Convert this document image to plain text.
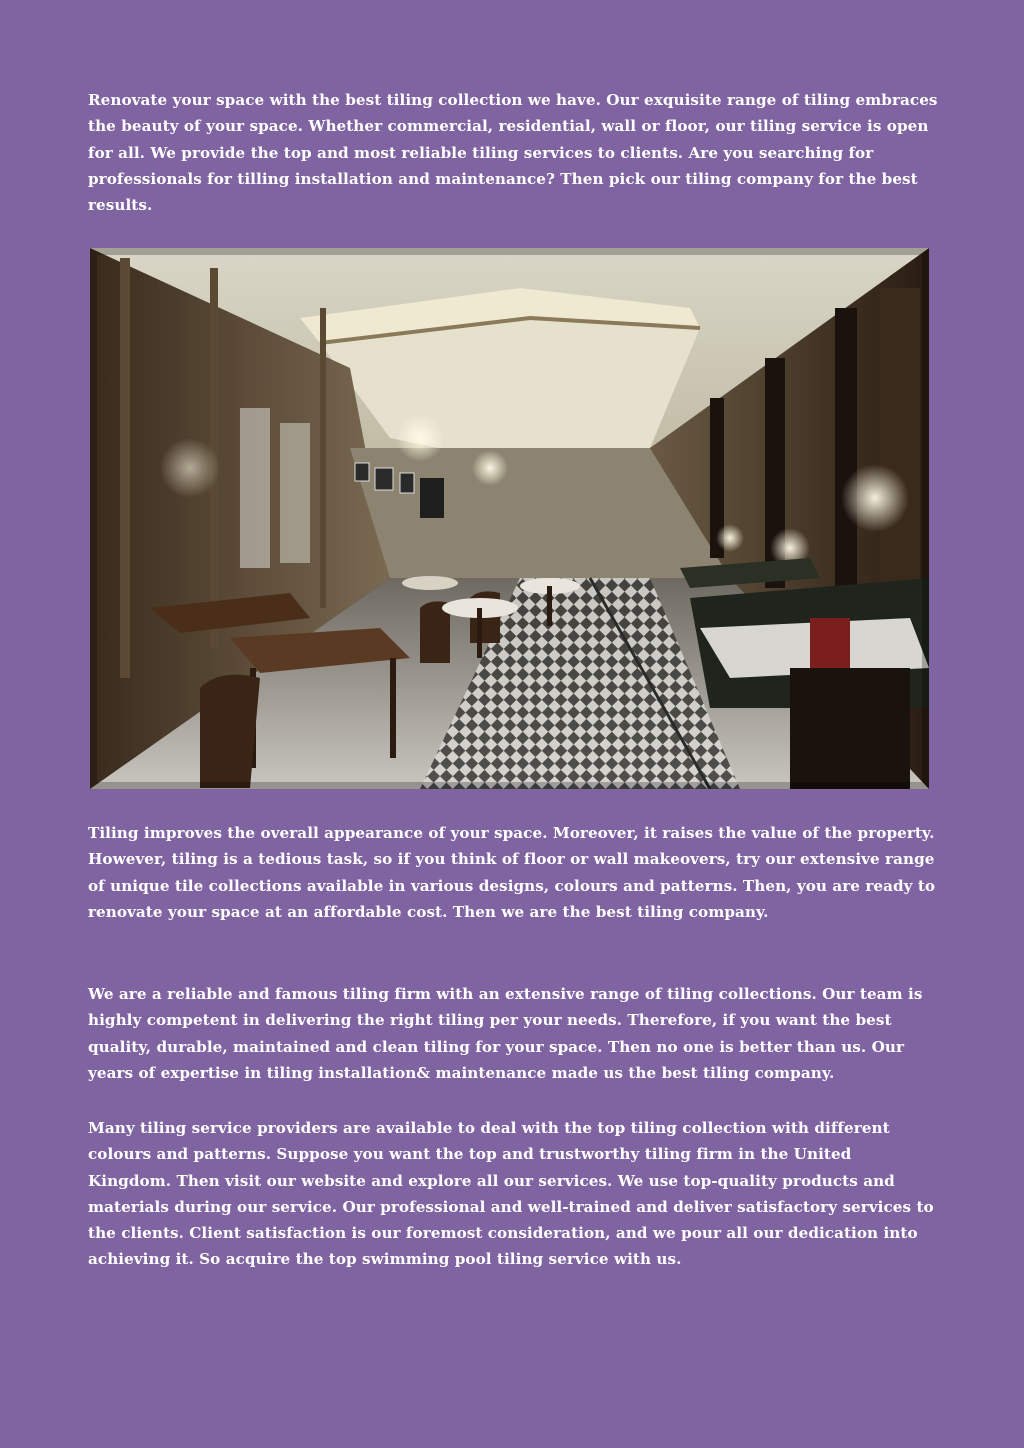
Renovate your space with the best tiling collection we have. Our exquisite range of tiling embraces the beauty of your space. Whether commercial, residential, wall or floor, our tiling service is open for all. We provide the top and most reliable tiling services to clients. Are you searching for professionals for tilling installation and maintenance? Then pick our tiling company for the best results.

Tiling improves the overall appearance of your space. Moreover, it raises the value of the property. However, tiling is a tedious task, so if you think of floor or wall makeovers, try our extensive range of unique tile collections available in various designs, colours and patterns. Then, you are ready to renovate your space at an affordable cost. Then we are the best tiling company.

We are a reliable and famous tiling firm with an extensive range of tiling collections. Our team is highly competent in delivering the right tiling per your needs. Therefore, if you want the best quality, durable, maintained and clean tiling for your space. Then no one is better than us. Our years of expertise in tiling installation& maintenance made us the best tiling company.

Many tiling service providers are available to deal with the top tiling collection with different colours and patterns. Suppose you want the top and trustworthy tiling firm in the United Kingdom. Then visit our website and explore all our services. We use top-quality products and materials during our service. Our professional and well-trained and deliver satisfactory services to the clients. Client satisfaction is our foremost consideration, and we pour all our dedication into achieving it. So acquire the top swimming pool tiling service with us.
